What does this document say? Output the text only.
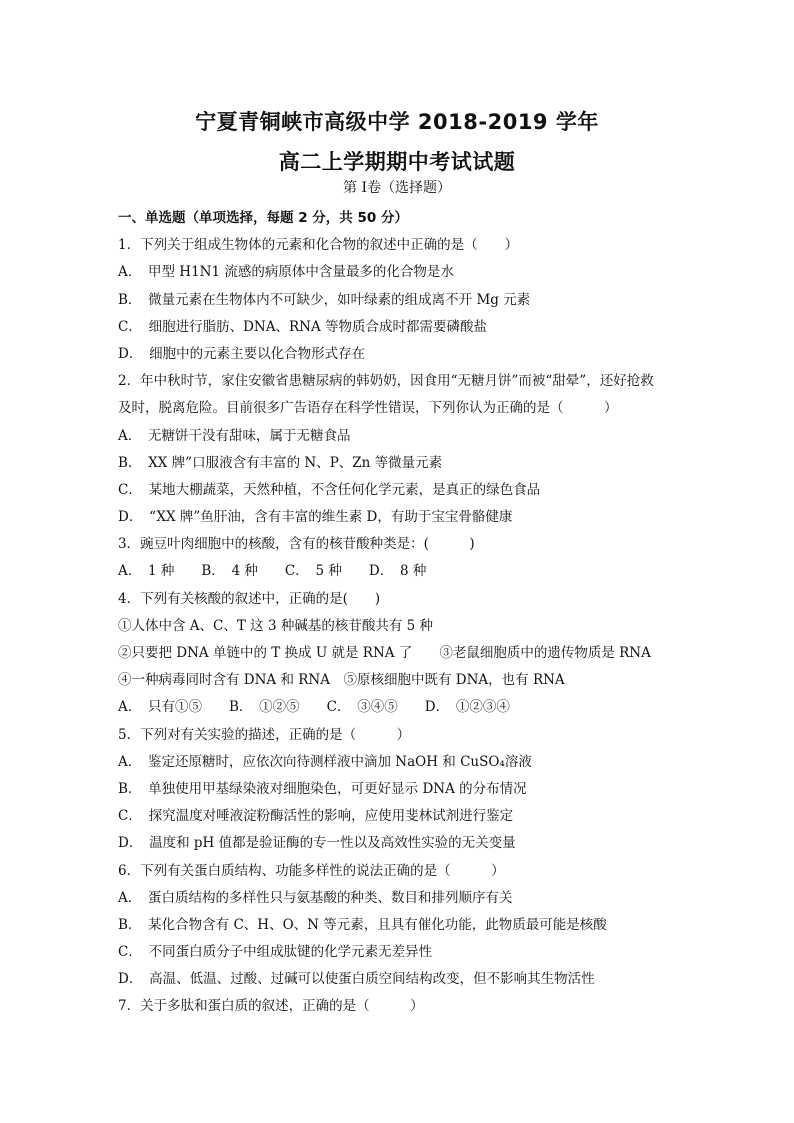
宁夏青铜峡市高级中学 2018-2019 学年
高二上学期期中考试试题
第 I卷（选择题）
一、单选题（单项选择，每题 2 分，共 50 分）
1．下列关于组成生物体的元素和化合物的叙述中正确的是（　　）
A．　甲型 H1N1 流感的病原体中含量最多的化合物是水
B．　微量元素在生物体内不可缺少，如叶绿素的组成离不开 Mg 元素
C．　细胞进行脂肪、DNA、RNA 等物质合成时都需要磷酸盐
D．　细胞中的元素主要以化合物形式存在
2．年中秋时节，家住安徽省患糖尿病的韩奶奶，因食用“无糖月饼”而被“甜晕”，还好抢救
及时，脱离危险。目前很多广告语存在科学性错误，下列你认为正确的是（　　　）
A．　无糖饼干没有甜味，属于无糖食品
B．　XX 牌”口服液含有丰富的 N、P、Zn 等微量元素
C．　某地大棚蔬菜，天然种植，不含任何化学元素，是真正的绿色食品
D．　“XX 牌”鱼肝油，含有丰富的维生素 D，有助于宝宝骨骼健康
3．豌豆叶肉细胞中的核酸，含有的核苷酸种类是：(　　　)
A．　1 种　　B．　4 种　　C．　5 种　　D．　8 种
4．下列有关核酸的叙述中，正确的是(　　)
①人体中含 A、C、T 这 3 种碱基的核苷酸共有 5 种
②只要把 DNA 单链中的 T 换成 U 就是 RNA 了　　③老鼠细胞质中的遗传物质是 RNA
④一种病毒同时含有 DNA 和 RNA　⑤原核细胞中既有 DNA，也有 RNA
A．　只有①⑤　　B．　①②⑤　　C．　③④⑤　　D．　①②③④
5．下列对有关实验的描述，正确的是（　　　）
A．　鉴定还原糖时，应依次向待测样液中滴加 NaOH 和 CuSO₄溶液
B．　单独使用甲基绿染液对细胞染色，可更好显示 DNA 的分布情况
C．　探究温度对唾液淀粉酶活性的影响，应使用斐林试剂进行鉴定
D．　温度和 pH 值都是验证酶的专一性以及高效性实验的无关变量
6．下列有关蛋白质结构、功能多样性的说法正确的是（　　　）
A．　蛋白质结构的多样性只与氨基酸的种类、数目和排列顺序有关
B．　某化合物含有 C、H、O、N 等元素，且具有催化功能，此物质最可能是核酸
C．　不同蛋白质分子中组成肽键的化学元素无差异性
D．　高温、低温、过酸、过碱可以使蛋白质空间结构改变，但不影响其生物活性
7．关于多肽和蛋白质的叙述，正确的是（　　　）
